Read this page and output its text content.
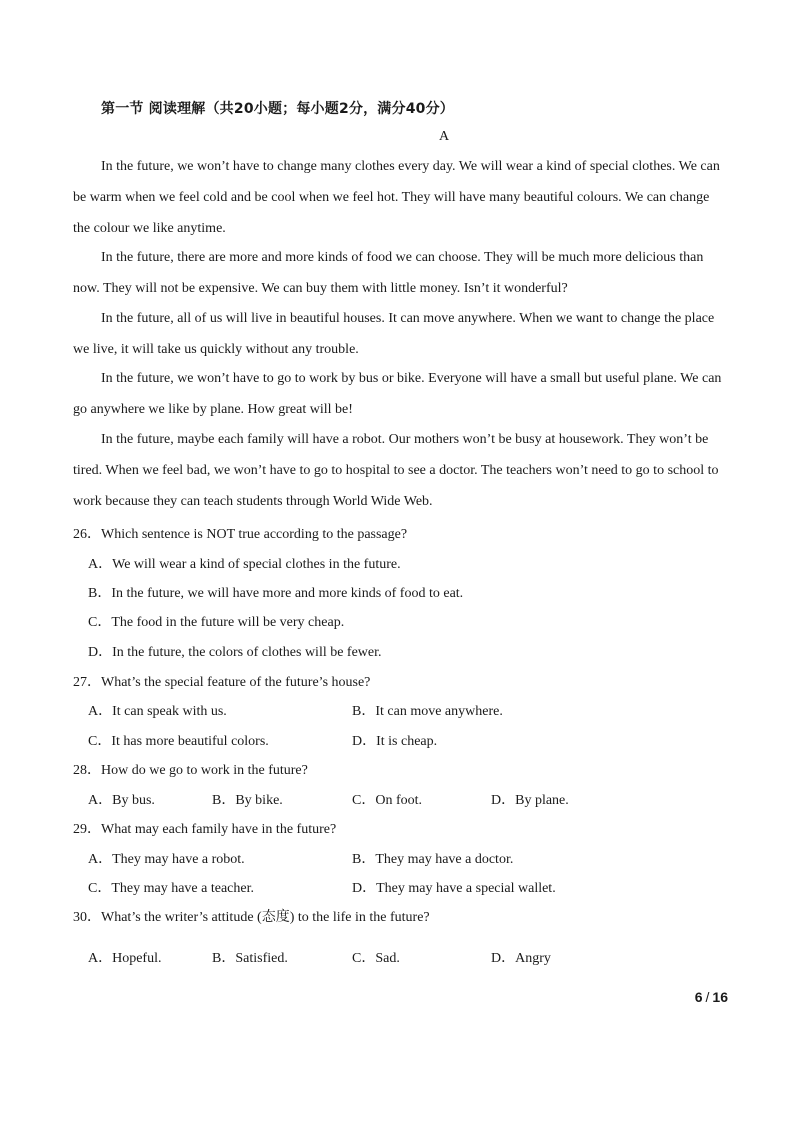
第一节 阅读理解（共20小题；每小题2分，满分40分）
A
In the future, we won’t have to change many clothes every day. We will wear a kind of special clothes. We can
be warm when we feel cold and be cool when we feel hot. They will have many beautiful colours. We can change
the colour we like anytime.
In the future, there are more and more kinds of food we can choose. They will be much more delicious than
now. They will not be expensive. We can buy them with little money. Isn’t it wonderful?
In the future, all of us will live in beautiful houses. It can move anywhere. When we want to change the place
we live, it will take us quickly without any trouble.
In the future, we won’t have to go to work by bus or bike. Everyone will have a small but useful plane. We can
go anywhere we like by plane. How great will be!
In the future, maybe each family will have a robot. Our mothers won’t be busy at housework. They won’t be
tired. When we feel bad, we won’t have to go to hospital to see a doctor. The teachers won’t need to go to school to
work because they can teach students through World Wide Web.
26．Which sentence is NOT true according to the passage?
A．We will wear a kind of special clothes in the future.
B．In the future, we will have more and more kinds of food to eat.
C．The food in the future will be very cheap.
D．In the future, the colors of clothes will be fewer.
27．What’s the special feature of the future’s house?
A．It can speak with us.	B．It can move anywhere.
C．It has more beautiful colors.	D．It is cheap.
28．How do we go to work in the future?
A．By bus.	B．By bike.	C．On foot.	D．By plane.
29．What may each family have in the future?
A．They may have a robot.	B．They may have a doctor.
C．They may have a teacher.	D．They may have a special wallet.
30．What’s the writer’s attitude (态度) to the life in the future?
A．Hopeful.	B．Satisfied.	C．Sad.	D．Angry
6 / 16
